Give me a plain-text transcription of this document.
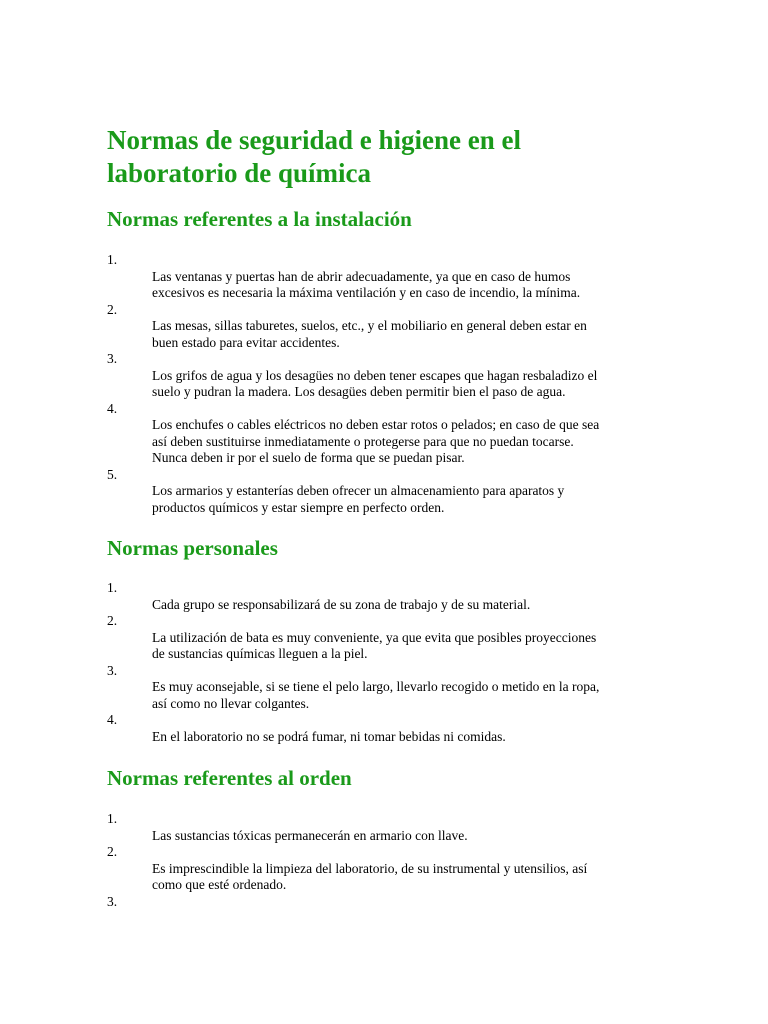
Normas de seguridad e higiene en el
laboratorio de química
Normas referentes a la instalación
1.
Las ventanas y puertas han de abrir adecuadamente, ya que en caso de humos
excesivos es necesaria la máxima ventilación y en caso de incendio, la mínima.
2.
Las mesas, sillas taburetes, suelos, etc., y el mobiliario en general deben estar en
buen estado para evitar accidentes.
3.
Los grifos de agua y los desagües no deben tener escapes que hagan resbaladizo el
suelo y pudran la madera. Los desagües deben permitir bien el paso de agua.
4.
Los enchufes o cables eléctricos no deben estar rotos o pelados; en caso de que sea
así deben sustituirse inmediatamente o protegerse para que no puedan tocarse.
Nunca deben ir por el suelo de forma que se puedan pisar.
5.
Los armarios y estanterías deben ofrecer un almacenamiento para aparatos y
productos químicos y estar siempre en perfecto orden.
Normas personales
1.
Cada grupo se responsabilizará de su zona de trabajo y de su material.
2.
La utilización de bata es muy conveniente, ya que evita que posibles proyecciones
de sustancias químicas lleguen a la piel.
3.
Es muy aconsejable, si se tiene el pelo largo, llevarlo recogido o metido en la ropa,
así como no llevar colgantes.
4.
En el laboratorio no se podrá fumar, ni tomar bebidas ni comidas.
Normas referentes al orden
1.
Las sustancias tóxicas permanecerán en armario con llave.
2.
Es imprescindible la limpieza del laboratorio, de su instrumental y utensilios, así
como que esté ordenado.
3.
